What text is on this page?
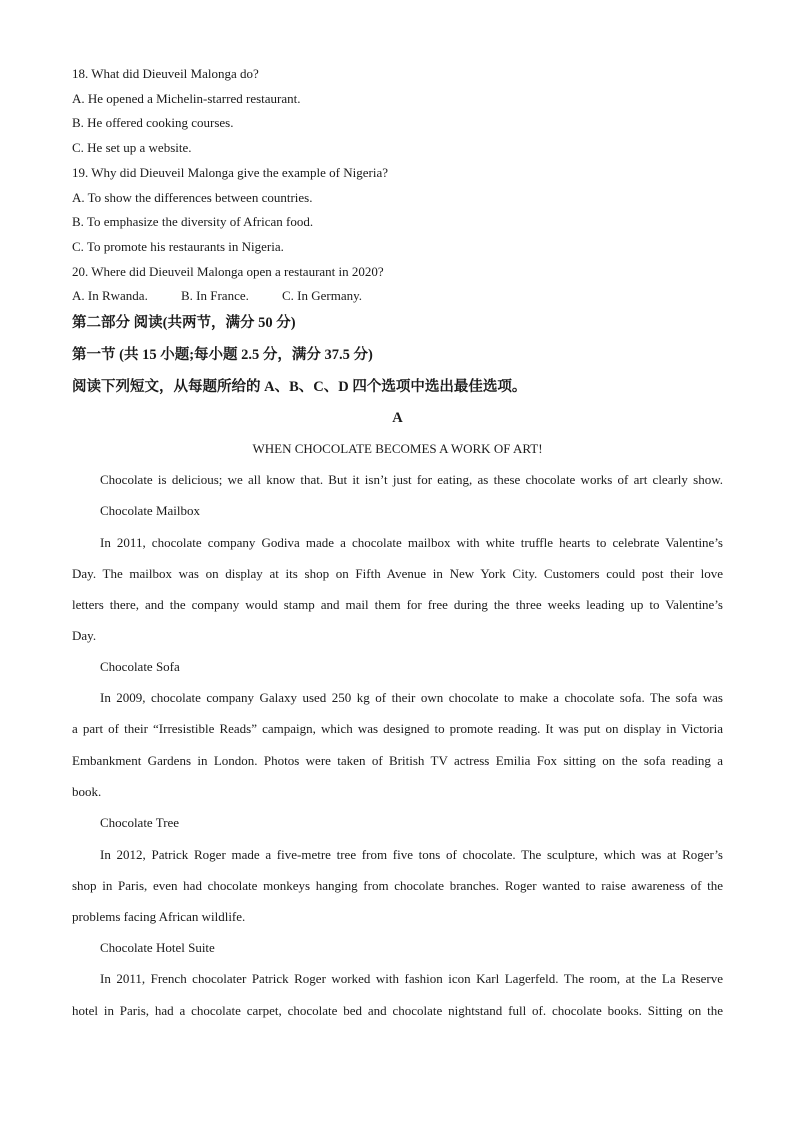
18. What did Dieuveil Malonga do?
A. He opened a Michelin-starred restaurant.
B. He offered cooking courses.
C. He set up a website.
19. Why did Dieuveil Malonga give the example of Nigeria?
A. To show the differences between countries.
B. To emphasize the diversity of African food.
C. To promote his restaurants in Nigeria.
20. Where did Dieuveil Malonga open a restaurant in 2020?
A. In Rwanda.	B. In France.	C. In Germany.
第二部分 阅读(共两节，满分 50 分)
第一节 (共 15 小题;每小题 2.5 分，满分 37.5 分)
阅读下列短文，从每题所给的 A、B、C、D 四个选项中选出最佳选项。
A
WHEN CHOCOLATE BECOMES A WORK OF ART!
Chocolate is delicious; we all know that. But it isn’t just for eating, as these chocolate works of art clearly show.
Chocolate Mailbox
In 2011, chocolate company Godiva made a chocolate mailbox with white truffle hearts to celebrate Valentine’s
Day. The mailbox was on display at its shop on Fifth Avenue in New York City. Customers could post their love
letters there, and the company would stamp and mail them for free during the three weeks leading up to Valentine’s
Day.
Chocolate Sofa
In 2009, chocolate company Galaxy used 250 kg of their own chocolate to make a chocolate sofa. The sofa was
a part of their “Irresistible Reads” campaign, which was designed to promote reading. It was put on display in Victoria
Embankment Gardens in London. Photos were taken of British TV actress Emilia Fox sitting on the sofa reading a
book.
Chocolate Tree
In 2012, Patrick Roger made a five-metre tree from five tons of chocolate. The sculpture, which was at Roger’s
shop in Paris, even had chocolate monkeys hanging from chocolate branches. Roger wanted to raise awareness of the
problems facing African wildlife.
Chocolate Hotel Suite
In 2011, French chocolater Patrick Roger worked with fashion icon Karl Lagerfeld. The room, at the La Reserve
hotel in Paris, had a chocolate carpet, chocolate bed and chocolate nightstand full of. chocolate books. Sitting on the
